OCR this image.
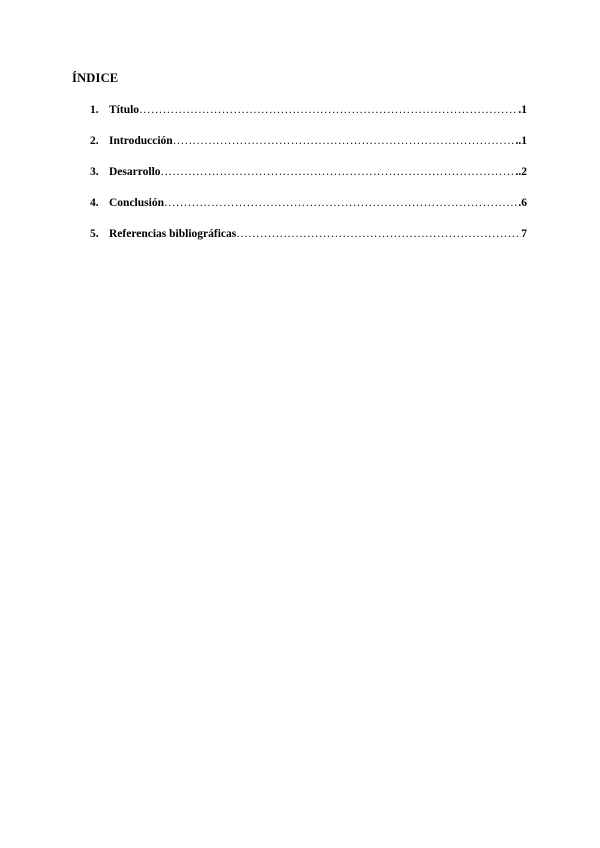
ÍNDICE
1. Título ………………………………………………………………………………………………………………………………………………………	.1
2. Introducción ………………………………………………………………………………………………………………………………………………………	..1
3. Desarrollo ………………………………………………………………………………………………………………………………………………………	..2
4. Conclusión ………………………………………………………………………………………………………………………………………………………	.6
5. Referencias bibliográficas ………………………………………………………………………………………………………………………………………………………	7
